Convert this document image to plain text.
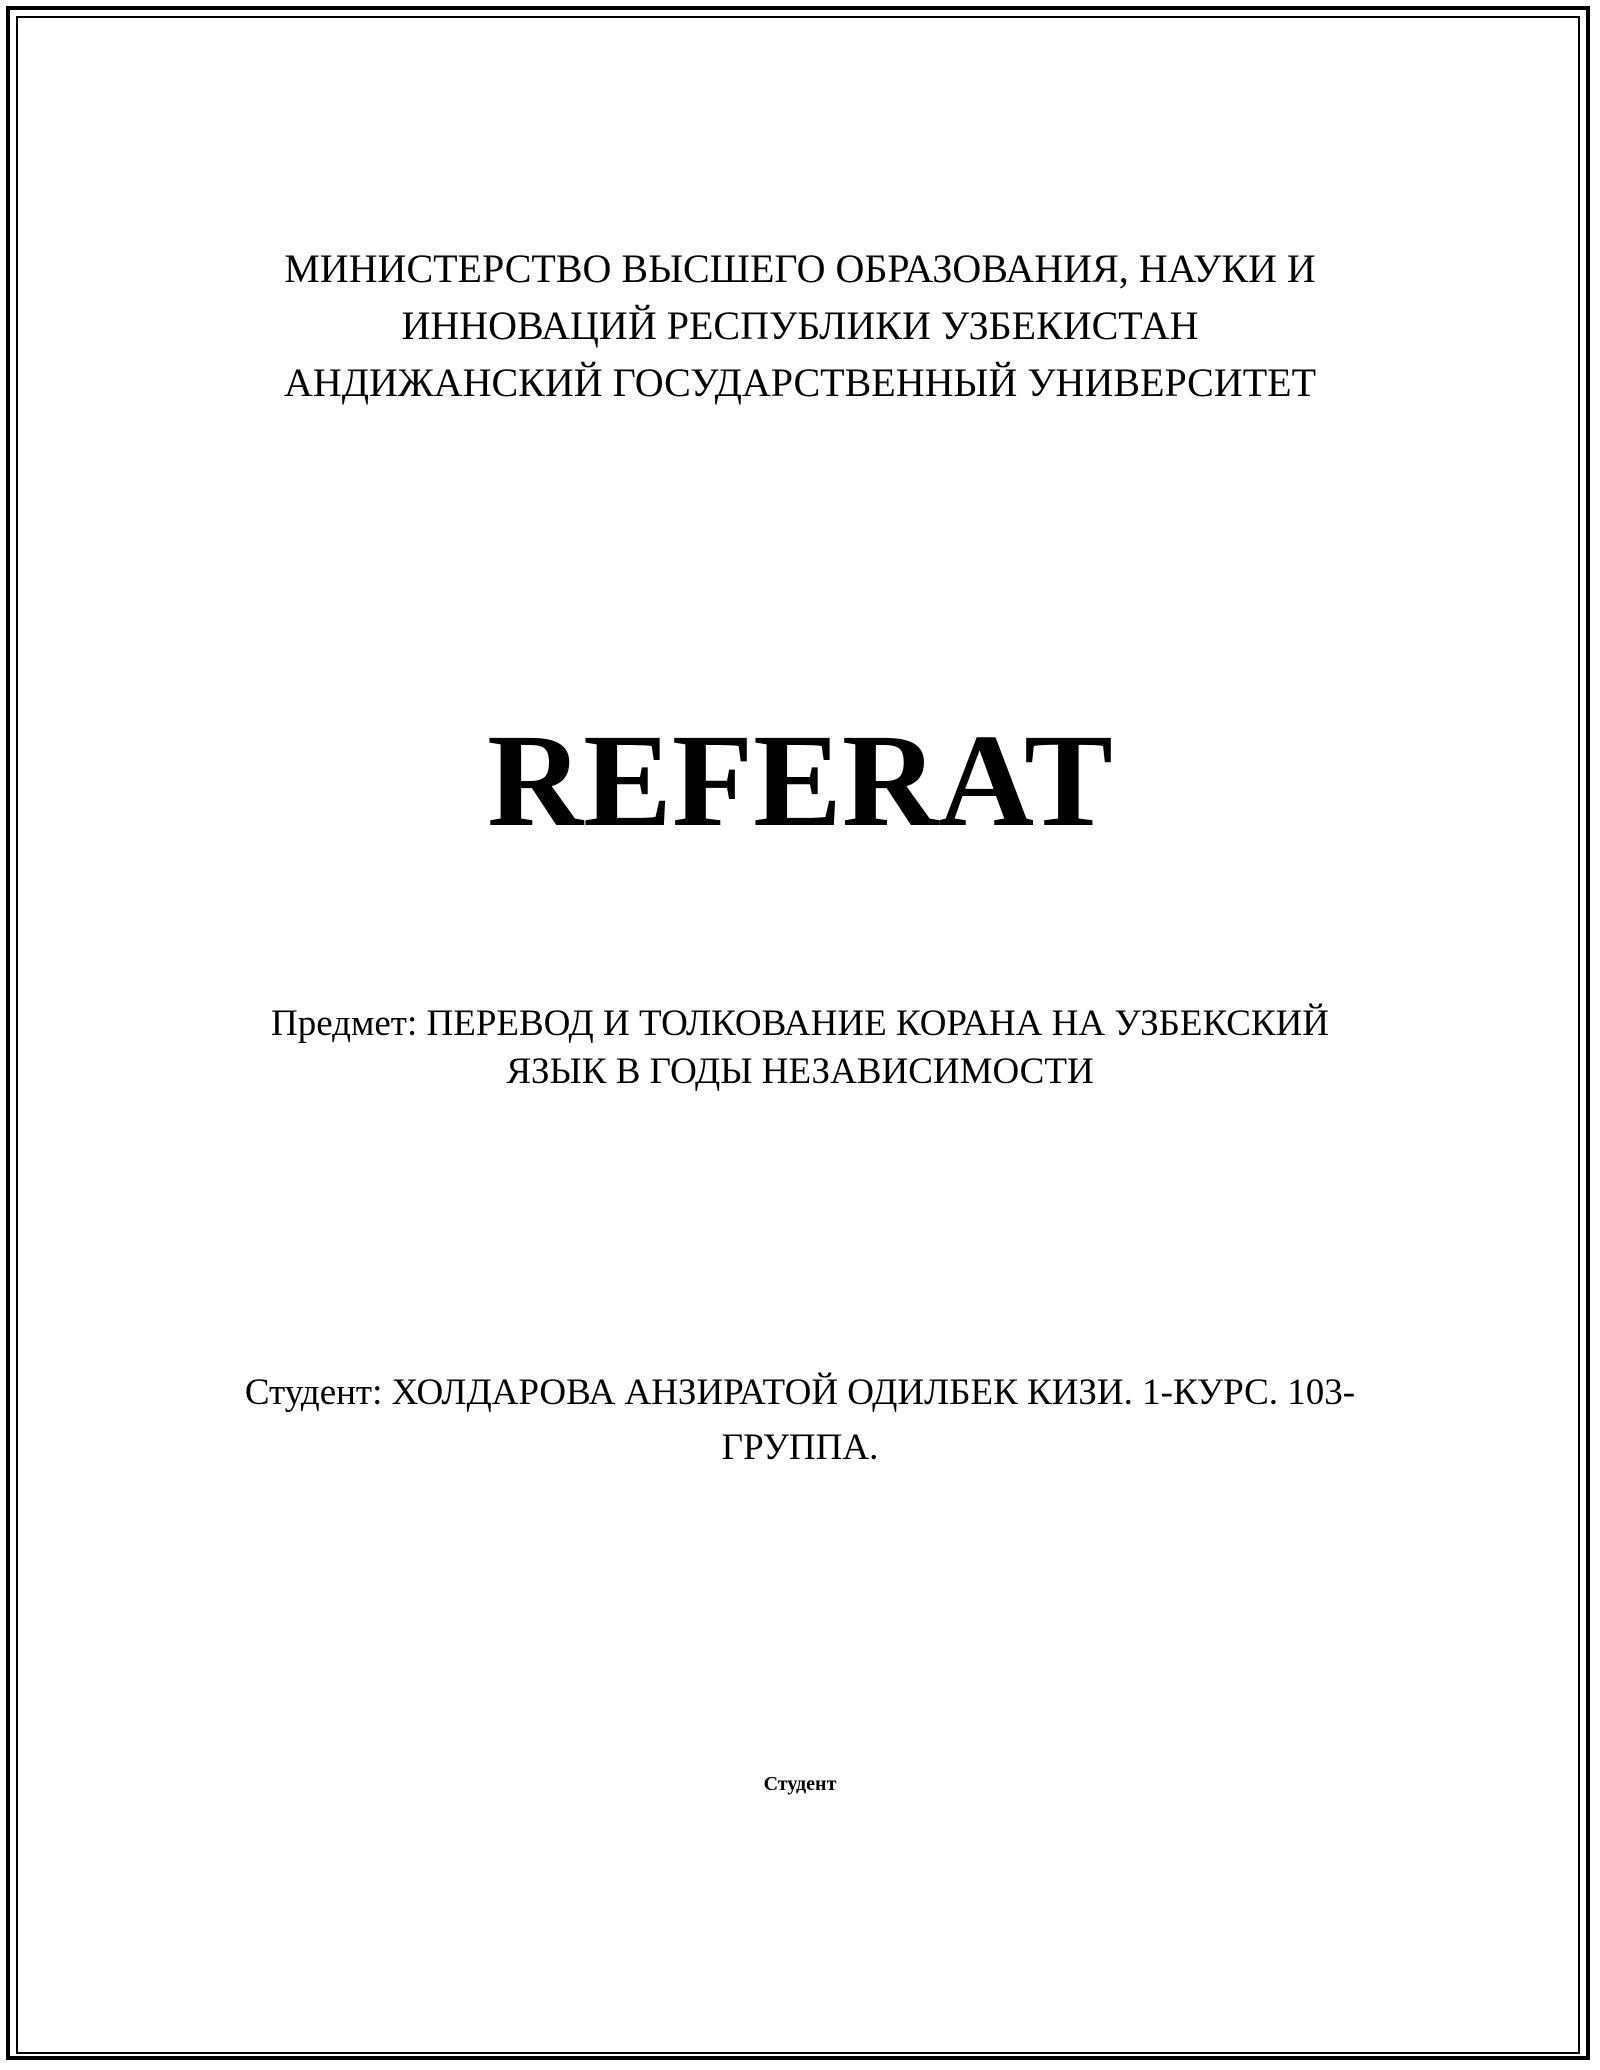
МИНИСТЕРСТВО ВЫСШЕГО ОБРАЗОВАНИЯ, НАУКИ И
ИННОВАЦИЙ РЕСПУБЛИКИ УЗБЕКИСТАН
АНДИЖАНСКИЙ ГОСУДАРСТВЕННЫЙ УНИВЕРСИТЕТ
REFERAT
Предмет: ПЕРЕВОД И ТОЛКОВАНИЕ КОРАНА НА УЗБЕКСКИЙ
ЯЗЫК В ГОДЫ НЕЗАВИСИМОСТИ
Студент: ХОЛДАРОВА АНЗИРАТОЙ ОДИЛБЕК КИЗИ. 1-КУРС. 103-
ГРУППА.
Студент
